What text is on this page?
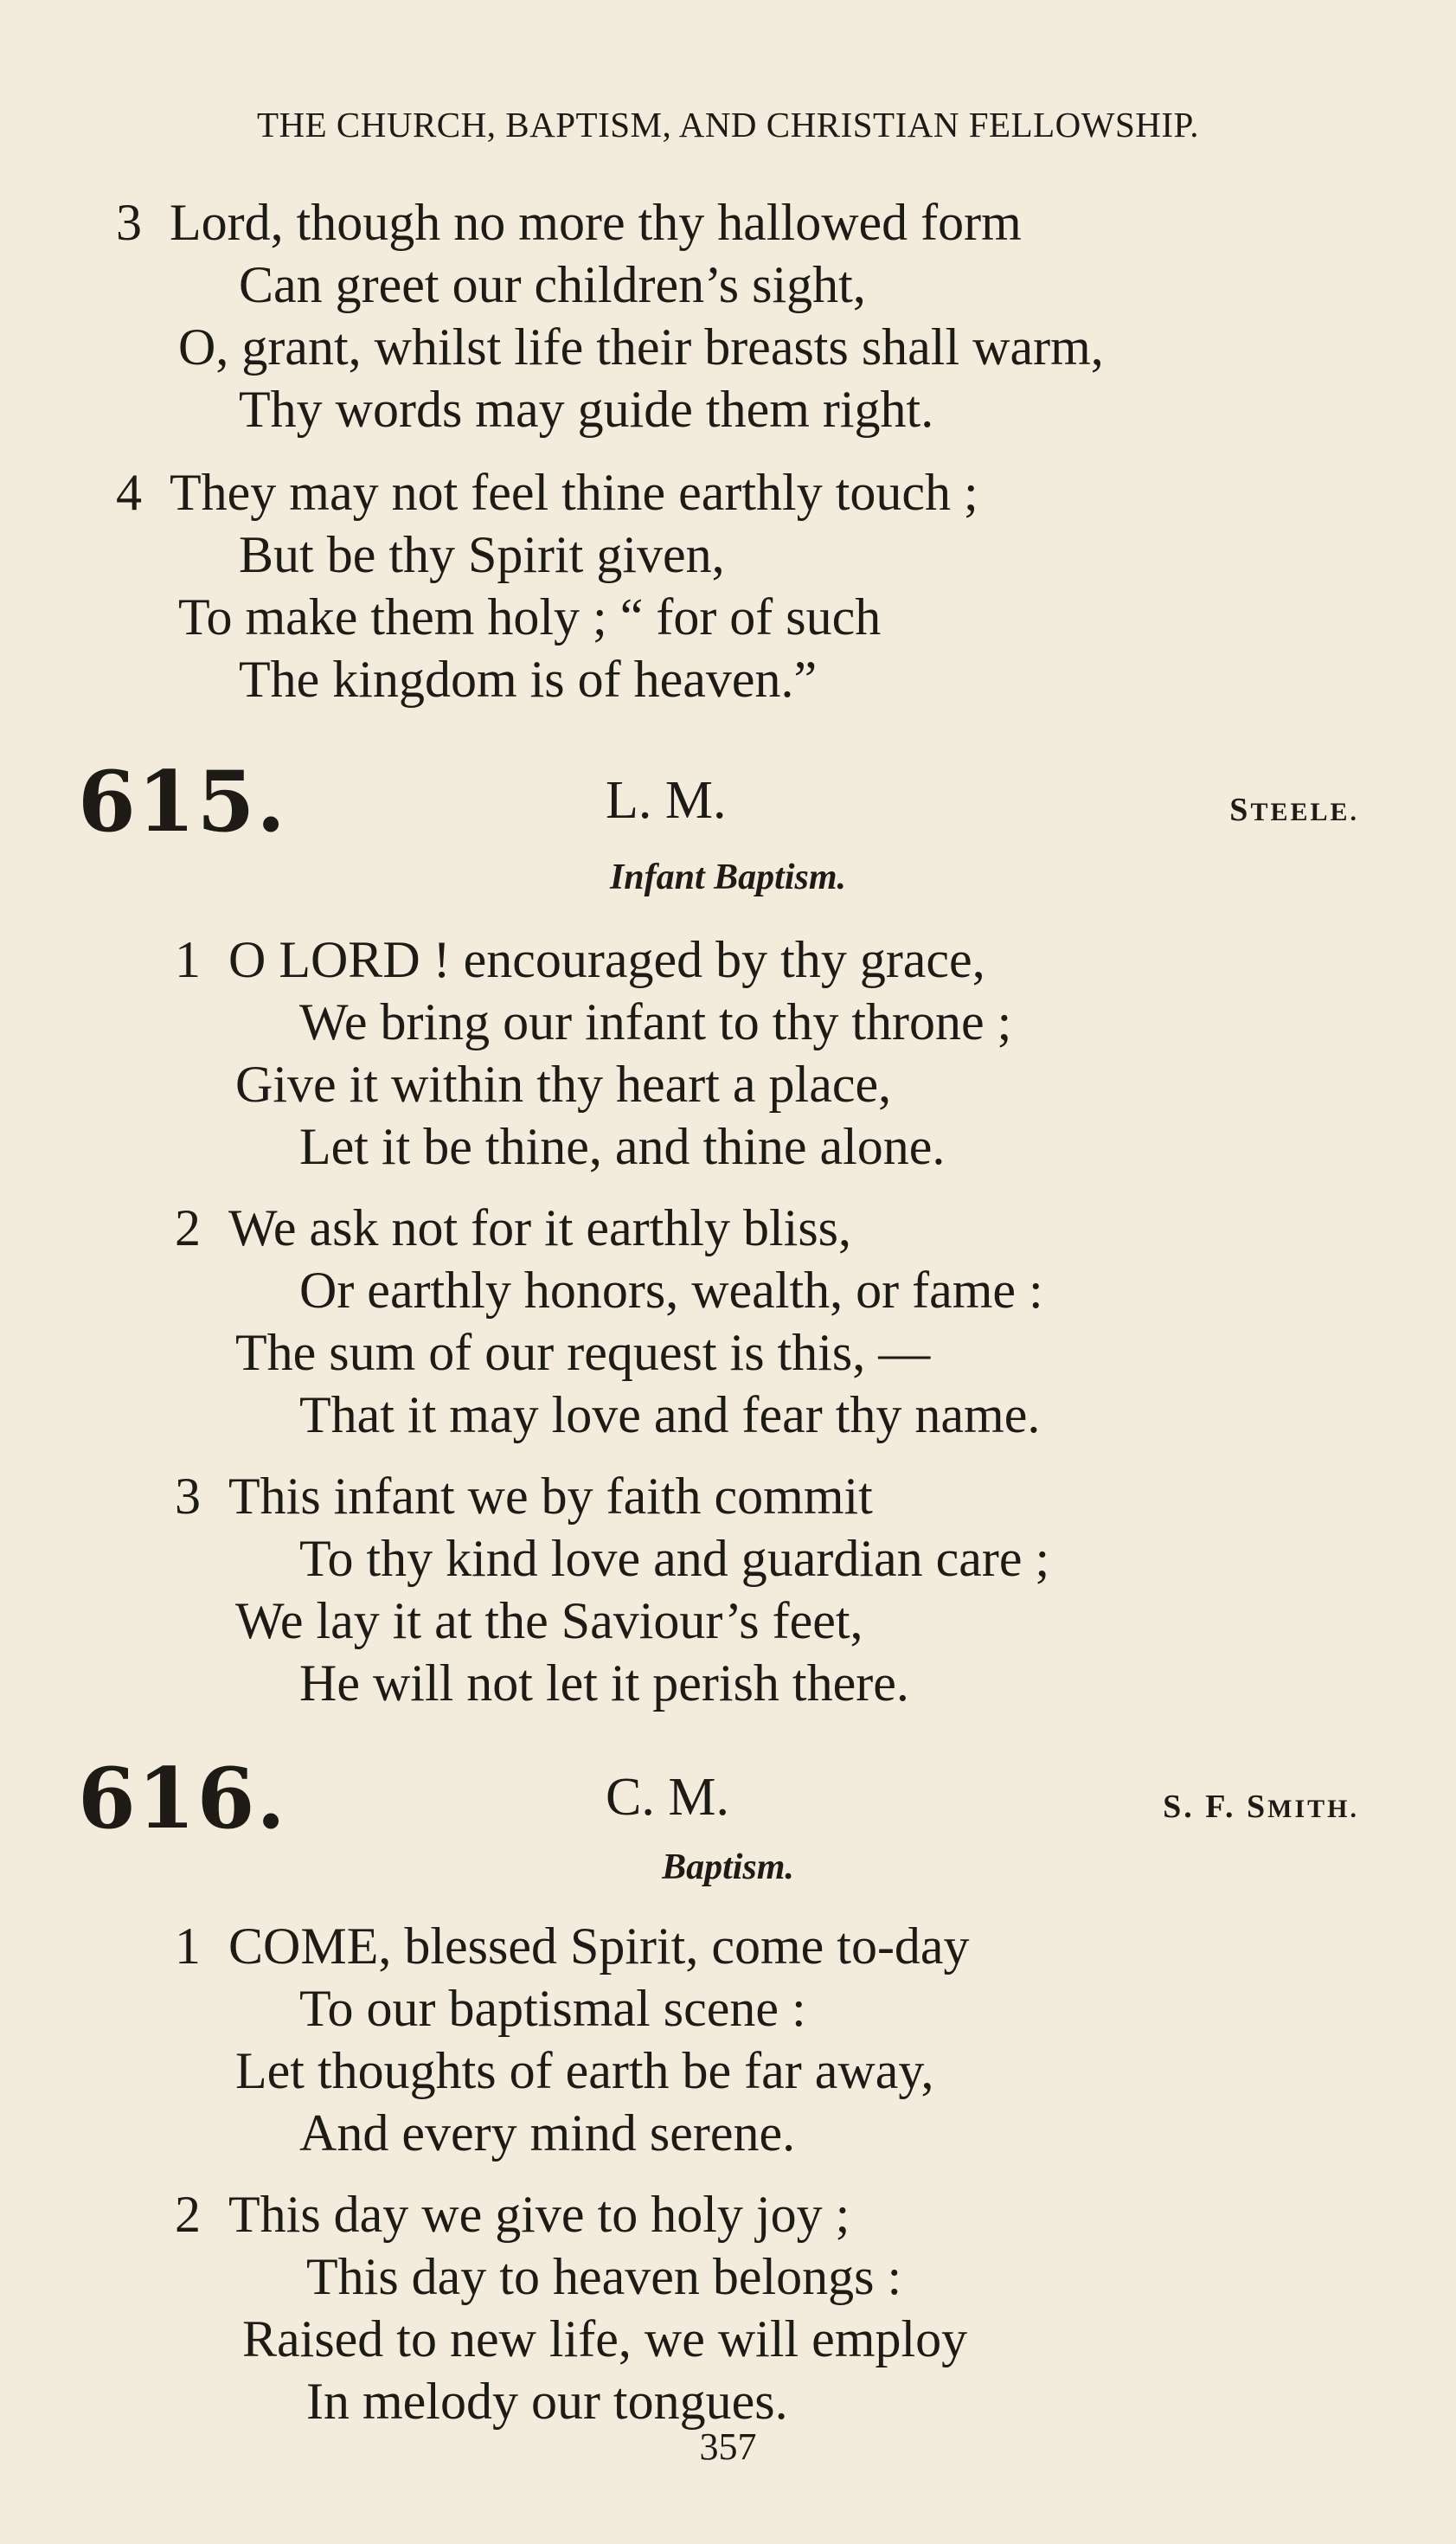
THE CHURCH, BAPTISM, AND CHRISTIAN FELLOWSHIP.
3 Lord, though no more thy hallowed form
Can greet our children’s sight,
O, grant, whilst life their breasts shall warm,
Thy words may guide them right.
4 They may not feel thine earthly touch ;
But be thy Spirit given,
To make them holy ; “ for of such
The kingdom is of heaven.”
615.	L. M.	STEELE.
Infant Baptism.
1 O LORD ! encouraged by thy grace,
We bring our infant to thy throne ;
Give it within thy heart a place,
Let it be thine, and thine alone.
2 We ask not for it earthly bliss,
Or earthly honors, wealth, or fame :
The sum of our request is this, —
That it may love and fear thy name.
3 This infant we by faith commit
To thy kind love and guardian care ;
We lay it at the Saviour’s feet,
He will not let it perish there.
616.	C. M.	S. F. SMITH.
Baptism.
1 COME, blessed Spirit, come to-day
To our baptismal scene :
Let thoughts of earth be far away,
And every mind serene.
2 This day we give to holy joy ;
This day to heaven belongs :
Raised to new life, we will employ
In melody our tongues.
357
